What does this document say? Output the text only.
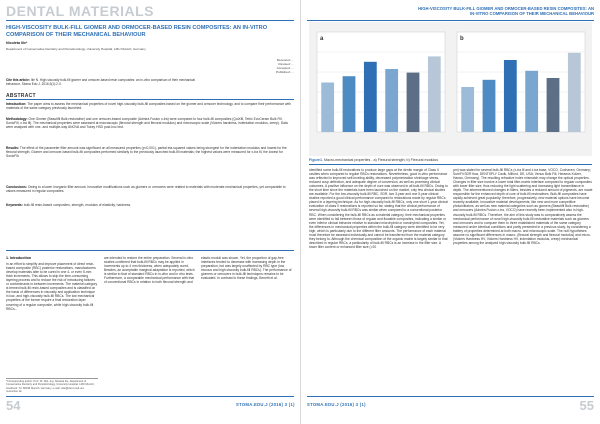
DENTAL MATERIALS
HIGH-VISCOSITY BULK-FILL GIOMER AND ORMOCER-BASED RESIN COMPOSITES: AN IN-VITRO COMPARISON OF THEIR MECHANICAL BEHAVIOUR
Nicoleta Ilie*
Department of Conservative Dentistry and Periodontology, University Hospital, LMU Munich, Germany
Received: ...
Revised: ...
Accepted: ...
Published: ...
Cite this article: Ilie N. High-viscosity bulk-fill giomer and ormocer-based resin composites: an in-vitro comparison of their mechanical behaviour. Stoma Edu J. 2016;3(1):2-X.
ABSTRACT

Introduction: The paper aims to assess the mechanical properties of novel high-viscosity bulk-fill composites based on the giomer and ormocer technology, and to compare their performance with materials of the same category previously launched.

Methodology: One Giomer (Beautifil Bulk restorative) and one ormocer-based composite (Admira Fusion x-tra) were compared to four bulk-fill composites (QuiXfil, Tetric EvoCeram Bulk Fill, SonicFill, x-tra fil). The mechanical properties were assessed at macroscopic (flexural strength and flexural modulus) and microscopic scale (Vickers hardness, indentation modulus, creep). Data were analyzed with one- and multiple-way ANOVA and Tukey HSD post-hoc test.

Results: The effect of the parameter filler amount was significant on all measured properties (p<0.001), partial eta-squared values being strongest for the indentation modulus and lowest for the flexural strength. Giomer and ormocer-based bulk-fill composites performed similarly to the previously launched bulk-fill materials; the highest values were measured for x-tra fil, the lowest for SonicFill.

Conclusions: Owing to a lower inorganic filler amount, innovative modifications such as giomers or ormocers were related to materials with moderate mechanical properties, yet comparable to values measured in regular composites.

Keywords: bulk-fill resin-based composites, strength, modulus of elasticity, hardness.

1. Introduction
In an effort to simplify and improve placement of direct resin-based composite (RBC) posterior restorations, manufacturers develop materials able to be cured in one 4- or even 5-mm thick increments. This allows to skip the time-consuming layering process and to reduce the risk of introducing failures or contaminants in-between increments. The material category is termed bulk-fill resin-based composites and is classified on the basis of differences in viscosity and application technique in low- and high-viscosity bulk-fill RBCs. The low mechanical properties of the former require a final restoration layer covering of a regular composite, while high-viscosity bulk-fill RBCs...
are intended to restore the entire preparation. Several in-vitro studies confirmed that bulk-fill RBCs may be applied in increments up to 4 mm thickness, when adequately cured. Besides, an acceptable marginal adaptation is reported, which is similar to that of standard RBCs in in-vitro and in vivo tests. Furthermore, a comparable mechanical performance with that of conventional RBCs in relation to both flexural strength and elastic moduli was shown. Yet, the proportion of gap-free interfaces tended to decrease with increasing depth in the preparation, but was largely unaffected by RBC type (low viscous and high-viscosity bulk-fill RBCs). The performance of giomers or ormocers in bulk-fill techniques remains to be evaluated. In contrast to these findings, Benetti et al.
*Corresponding author: Prof. Dr. Dipl.-Ing. Nicoleta Ilie, Department of Conservative Dentistry and Periodontology, University Hospital, LMU Munich, Goethestr. 70, 80336 Munich, Germany. e-mail: nilie@dent.med.uni-muenchen.de
54	STOMA.EDU.J (2016) 3 (1)
HIGH-VISCOSITY BULK-FILL GIOMER AND ORMOCER-BASED RESIN COMPOSITES: AN IN-VITRO COMPARISON OF THEIR MECHANICAL BEHAVIOUR
a	b
Figure1. Macro-mechanical properties - a) Flexural strength; b) Flexural modulus
identified some bulk-fill restoratives to produce large gaps at the dentin margin of Class II cavities when compared to regular RBCs restorations. Nevertheless, good in-vitro performance was reflected in improved self-leveling ability, decreased polymerization shrinkage stress, reduced cusp deflection, and adequate degree of conversion, as well as promising clinical outcomes. A positive influence on the depth of cure was observed in all bulk-fill RBCs. Owing to the short time since the materials have been launched on the market, only few clinical studies are available. For the low-viscosity bulk-fill RBC, SDR, two 3-year and one 5-year clinical studies reported a good clinical performance compared to restorations made by regular RBCs placed in a layering technique. As for high-viscosity bulk-fill RBCs, only one short 1-year clinical evaluation of class II restorations is reported so far, stating that the clinical performance of several high-viscosity bulk-fill RBCs was similar when compared to a conventional posterior RBC. When considering the bulk-fill RBCs as a material category, their mechanical properties were identified to fall between those of regular and flowable composites, indicating a similar or even inferior clinical behavior relative to standard microhybrid or nanohybrid composites. Yet, the differences in mechanical properties within the bulk-fill category were identified to be very high, which is particularly due to the different filler amounts. The performance of each material must therefore be assessed individually and cannot be transferred from the material category they belong to. Although the chemical composition of the organic matrix is largely similar to that described in regular RBCs, a particularity of bulk-fill RBCs is an increase in the filler size. A lower filler content or enhanced filler size (>20
µm) was stated for several bulk-fill RBCs (x-tra fil and x-tra base, VOCO, Cuxhaven, Germany; SureFil SDR flow, DENTSPLY Caulk, Milford, DE, USA; Venus Bulk Fill, Heraeus Kulzer, Hanau, Germany). The resulting refractive index mismatch may change the optical properties. Changes in filler size involve a lower total filler-matrix interface compared to regular composites with lower filler size, thus reducing the light scattering and increasing light transmittance in depth. The aforementioned changes in fillers, besides a reduced amount of pigments, are made responsible for the enhanced depth of cure of bulk-fill restoratives. Bulk-fill composites have rapidly achieved great popularity; therefore, progressively, new material options have become recently available. Innovative material developments, like new and more competitive photoinitiators, as well as new material categories such as giomers (Beautifil Bulk restorative) and ormocers (Admira Fusion x-tra, VOCO) have recently been implemented also in high-viscosity bulk-fill RBCs. Therefore, the aim of this study was to comparatively assess the mechanical performance of novel high-viscosity bulk-fill restorative materials such as giomers and ormocers and to compare them to three established materials of the same category measured under identical conditions and partly presented in a previous study, by considering a battery of properties determined at both macro- and microscopic scale. The null hypotheses assume no significant differences in macro- (flexural strength and flexural modulus) and micro- (Vickers Hardness HV, Vickers Hardness HV, indentation modulus, creep) mechanical properties among the analyzed high-viscosity bulk-fill RBCs.
STOMA.EDU.J (2016) 3 (1)	55
